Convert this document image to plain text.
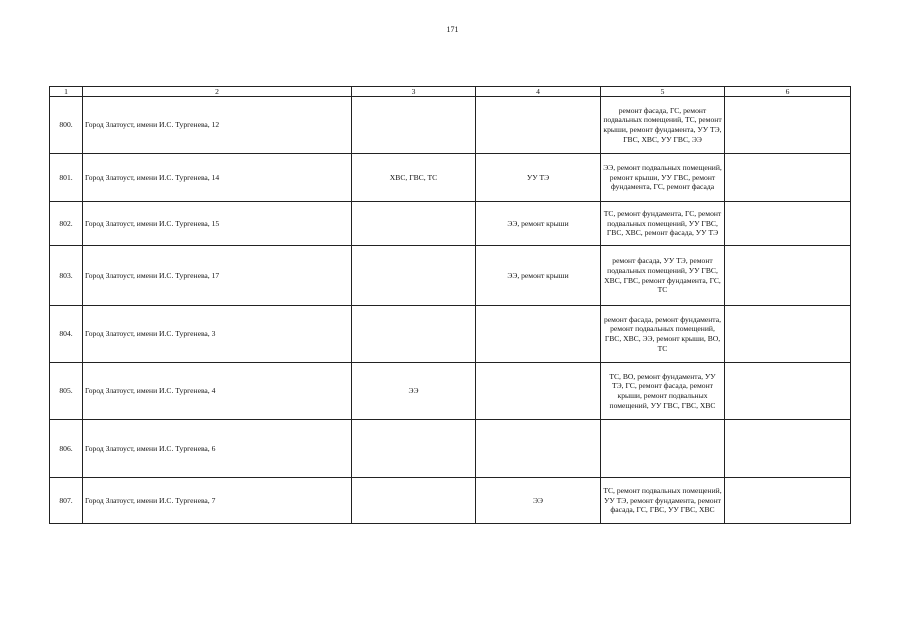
171
1	2	3	4	5	6
800.	Город Златоуст, имени И.С. Тургенева, 12			ремонт фасада, ГС, ремонт подвальных помещений, ТС, ремонт крыши, ремонт фундамента, УУ ТЭ, ГВС, ХВС, УУ ГВС, ЭЭ	
801.	Город Златоуст, имени И.С. Тургенева, 14	ХВС, ГВС, ТС	УУ ТЭ	ЭЭ, ремонт подвальных помещений, ремонт крыши, УУ ГВС, ремонт фундамента, ГС, ремонт фасада	
802.	Город Златоуст, имени И.С. Тургенева, 15		ЭЭ, ремонт крыши	ТС, ремонт фундамента, ГС, ремонт подвальных помещений, УУ ГВС, ГВС, ХВС, ремонт фасада, УУ ТЭ	
803.	Город Златоуст, имени И.С. Тургенева, 17		ЭЭ, ремонт крыши	ремонт фасада, УУ ТЭ, ремонт подвальных помещений, УУ ГВС, ХВС, ГВС, ремонт фундамента, ГС, ТС	
804.	Город Златоуст, имени И.С. Тургенева, 3			ремонт фасада, ремонт фундамента, ремонт подвальных помещений, ГВС, ХВС, ЭЭ, ремонт крыши, ВО, ТС	
805.	Город Златоуст, имени И.С. Тургенева, 4	ЭЭ		ТС, ВО, ремонт фундамента, УУ ТЭ, ГС, ремонт фасада, ремонт крыши, ремонт подвальных помещений, УУ ГВС, ГВС, ХВС	
806.	Город Златоуст, имени И.С. Тургенева, 6				
807.	Город Златоуст, имени И.С. Тургенева, 7		ЭЭ	ТС, ремонт подвальных помещений, УУ ТЭ, ремонт фундамента, ремонт фасада, ГС, ГВС, УУ ГВС, ХВС	
